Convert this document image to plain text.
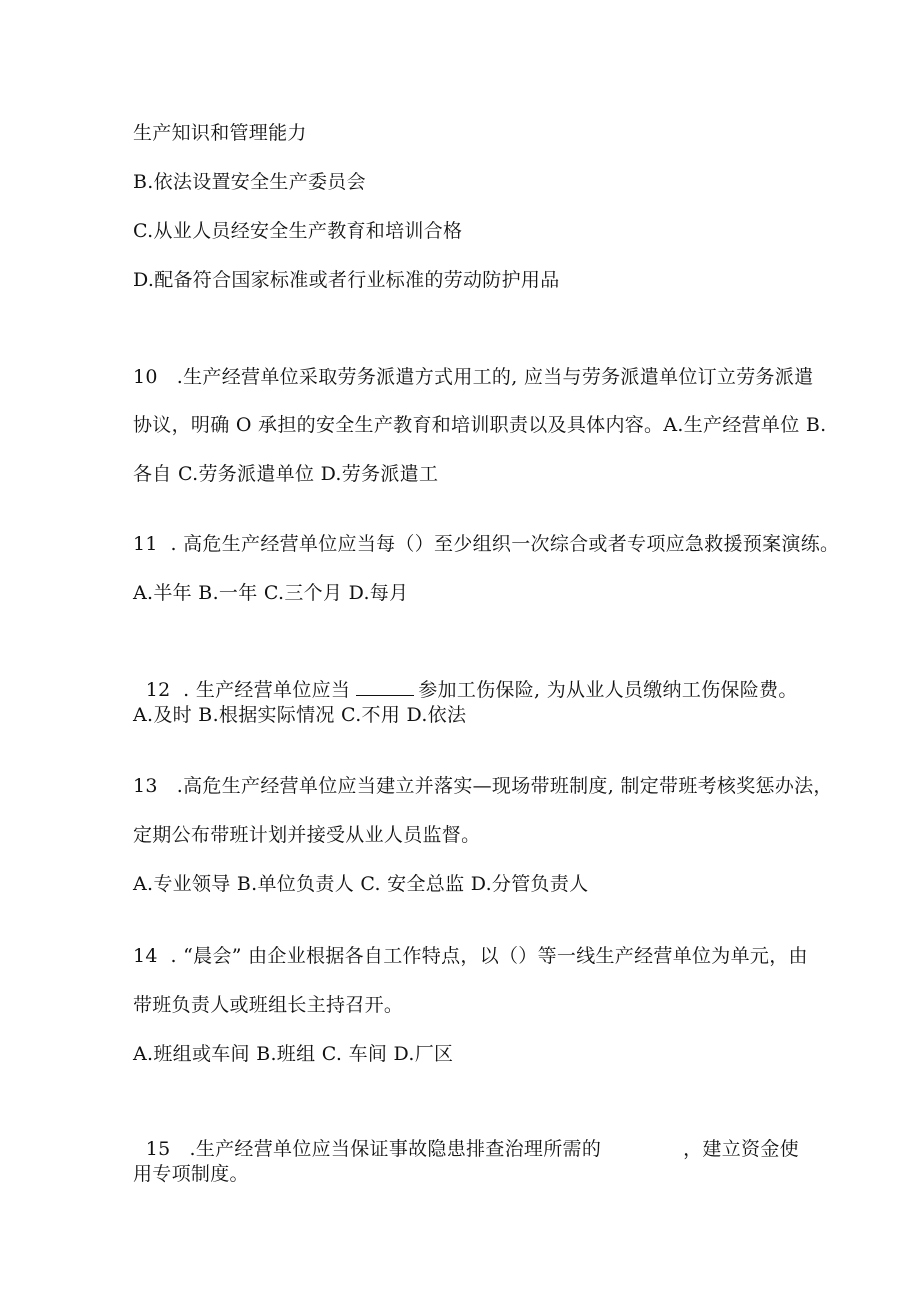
生产知识和管理能力
B.依法设置安全生产委员会
C.从业人员经安全生产教育和培训合格
D.配备符合国家标准或者行业标准的劳动防护用品
10   .生产经营单位采取劳务派遣方式用工的, 应当与劳务派遣单位订立劳务派遣
协议，明确 O 承担的安全生产教育和培训职责以及具体内容。A.生产经营单位 B.
各自 C.劳务派遣单位 D.劳务派遣工
11  . 高危生产经营单位应当每（）至少组织一次综合或者专项应急救援预案演练。
A.半年 B.一年 C.三个月 D.每月

12  . 生产经营单位应当	参加工伤保险, 为从业人员缴纳工伤保险费。

A.及时 B.根据实际情况 C.不用 D.依法
13   .高危生产经营单位应当建立并落实—现场带班制度, 制定带班考核奖惩办法，
定期公布带班计划并接受从业人员监督。
A.专业领导 B.单位负责人 C. 安全总监 D.分管负责人
14  . “晨会” 由企业根据各自工作特点，以（）等一线生产经营单位为单元，由
带班负责人或班组长主持召开。
A.班组或车间 B.班组 C. 车间 D.厂区

15   .生产经营单位应当保证事故隐患排查治理所需的	，建立资金使

用专项制度。
